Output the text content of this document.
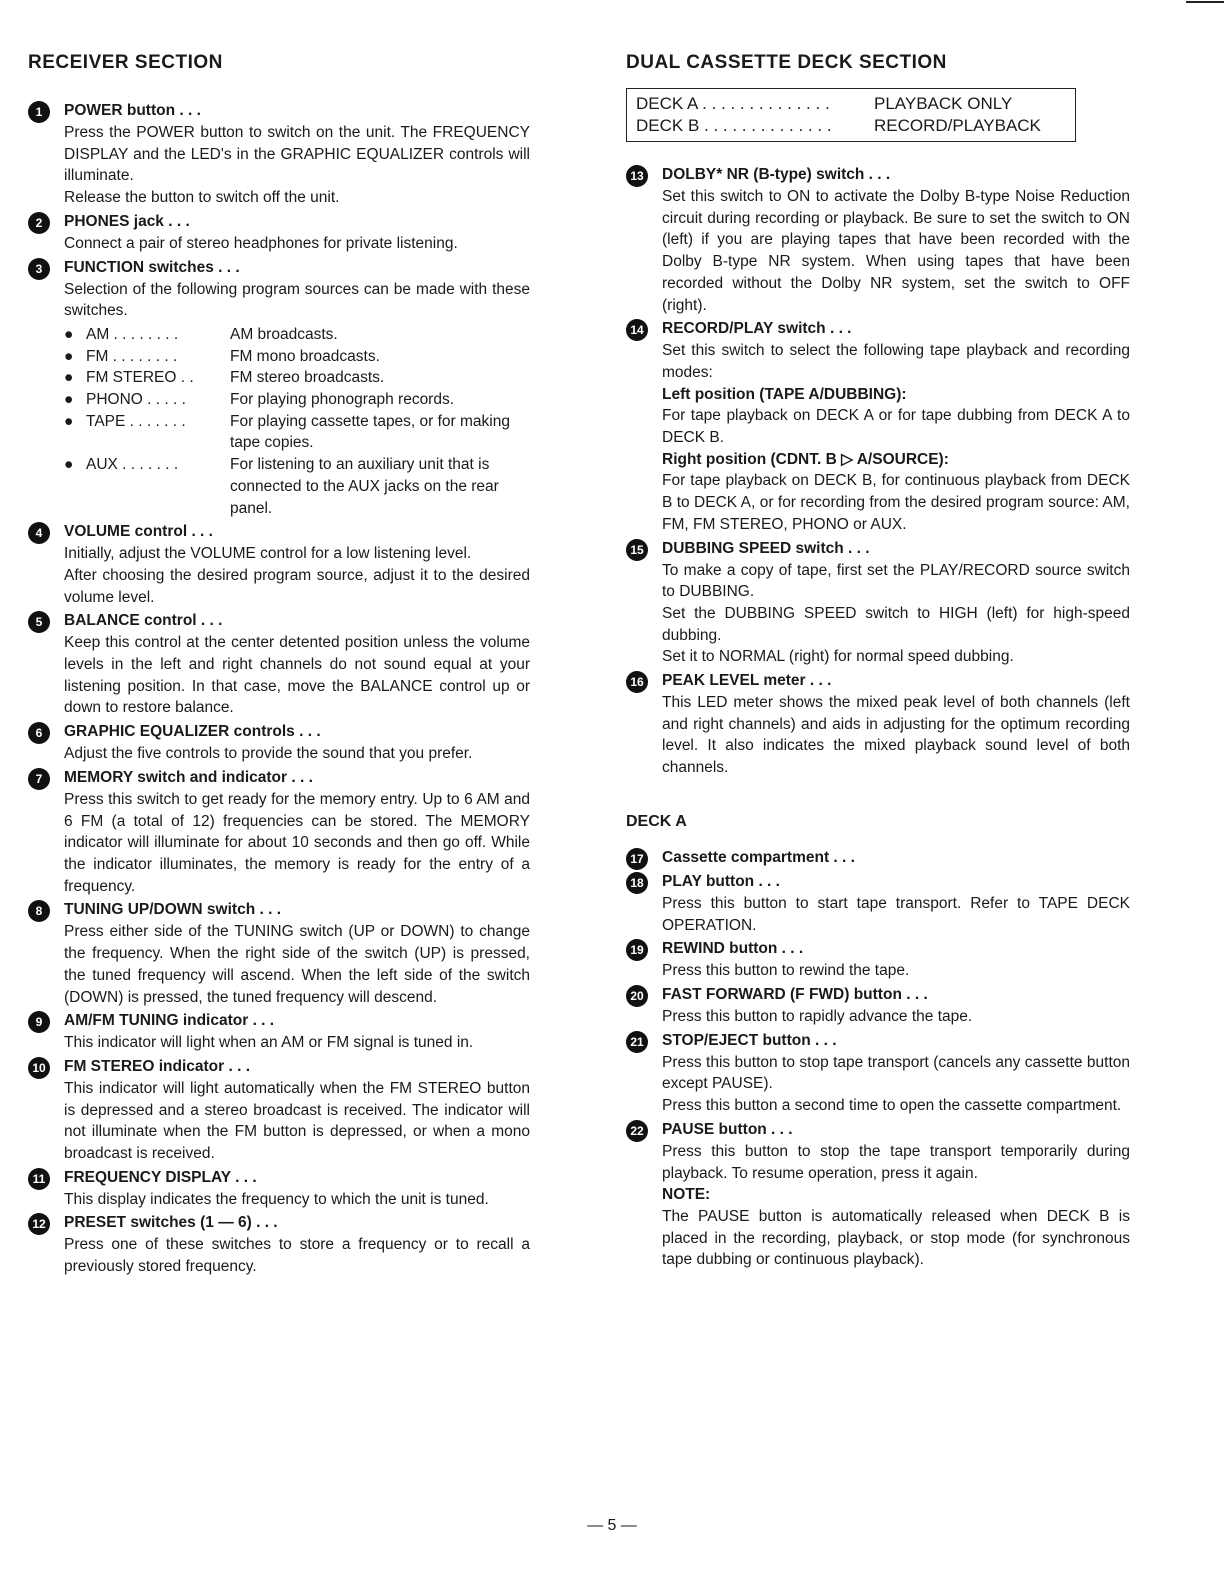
RECEIVER SECTION
1	POWER button . . .
Press the POWER button to switch on the unit. The FREQUENCY DISPLAY and the LED's in the GRAPHIC EQUALIZER controls will illuminate.
Release the button to switch off the unit.
2	PHONES jack . . .
Connect a pair of stereo headphones for private listening.
3	FUNCTION switches . . .
Selection of the following program sources can be made with these switches.
● AM . . . . . . . .	AM broadcasts.
● FM . . . . . . . .	FM mono broadcasts.
● FM STEREO . .	FM stereo broadcasts.
● PHONO . . . . .	For playing phonograph records.
● TAPE . . . . . . .	For playing cassette tapes, or for making tape copies.
● AUX . . . . . . .	For listening to an auxiliary unit that is connected to the AUX jacks on the rear panel.
4	VOLUME control . . .
Initially, adjust the VOLUME control for a low listening level.
After choosing the desired program source, adjust it to the desired volume level.
5	BALANCE control . . .
Keep this control at the center detented position unless the volume levels in the left and right channels do not sound equal at your listening position. In that case, move the BALANCE control up or down to restore balance.
6	GRAPHIC EQUALIZER controls . . .
Adjust the five controls to provide the sound that you prefer.
7	MEMORY switch and indicator . . .
Press this switch to get ready for the memory entry. Up to 6 AM and 6 FM (a total of 12) frequencies can be stored. The MEMORY indicator will illuminate for about 10 seconds and then go off. While the indicator illuminates, the memory is ready for the entry of a frequency.
8	TUNING UP/DOWN switch . . .
Press either side of the TUNING switch (UP or DOWN) to change the frequency. When the right side of the switch (UP) is pressed, the tuned frequency will ascend. When the left side of the switch (DOWN) is pressed, the tuned frequency will descend.
9	AM/FM TUNING indicator . . .
This indicator will light when an AM or FM signal is tuned in.
10 FM STEREO indicator . . .
This indicator will light automatically when the FM STEREO button is depressed and a stereo broadcast is received. The indicator will not illuminate when the FM button is depressed, or when a mono broadcast is received.
11	FREQUENCY DISPLAY . . .
This display indicates the frequency to which the unit is tuned.
12 PRESET switches (1 — 6) . . .
Press one of these switches to store a frequency or to recall a previously stored frequency.
DUAL CASSETTE DECK SECTION
DECK A . . . . . . . . . . . . . .	PLAYBACK ONLY
DECK B . . . . . . . . . . . . . .	RECORD/PLAYBACK
13 DOLBY* NR (B-type) switch . . .
Set this switch to ON to activate the Dolby B-type Noise Reduction circuit during recording or playback. Be sure to set the switch to ON (left) if you are playing tapes that have been recorded with the Dolby B-type NR system. When using tapes that have been recorded without the Dolby NR system, set the switch to OFF (right).
14 RECORD/PLAY switch . . .
Set this switch to select the following tape playback and recording modes:
Left position (TAPE A/DUBBING):
For tape playback on DECK A or for tape dubbing from DECK A to DECK B.
Right position (CDNT. B ▷ A/SOURCE):
For tape playback on DECK B, for continuous playback from DECK B to DECK A, or for recording from the desired program source: AM, FM, FM STEREO, PHONO or AUX.
15 DUBBING SPEED switch . . .
To make a copy of tape, first set the PLAY/RECORD source switch to DUBBING.
Set the DUBBING SPEED switch to HIGH (left) for high-speed dubbing.
Set it to NORMAL (right) for normal speed dubbing.
16 PEAK LEVEL meter . . .
This LED meter shows the mixed peak level of both channels (left and right channels) and aids in adjusting for the optimum recording level. It also indicates the mixed playback sound level of both channels.
DECK A
17 Cassette compartment . . .
18 PLAY button . . .
Press this button to start tape transport. Refer to TAPE DECK OPERATION.
19 REWIND button . . .
Press this button to rewind the tape.
20 FAST FORWARD (F FWD) button . . .
Press this button to rapidly advance the tape.
21 STOP/EJECT button . . .
Press this button to stop tape transport (cancels any cassette button except PAUSE).
Press this button a second time to open the cassette compartment.
22 PAUSE button . . .
Press this button to stop the tape transport temporarily during playback. To resume operation, press it again.
NOTE:
The PAUSE button is automatically released when DECK B is placed in the recording, playback, or stop mode (for synchronous tape dubbing or continuous playback).
— 5 —
